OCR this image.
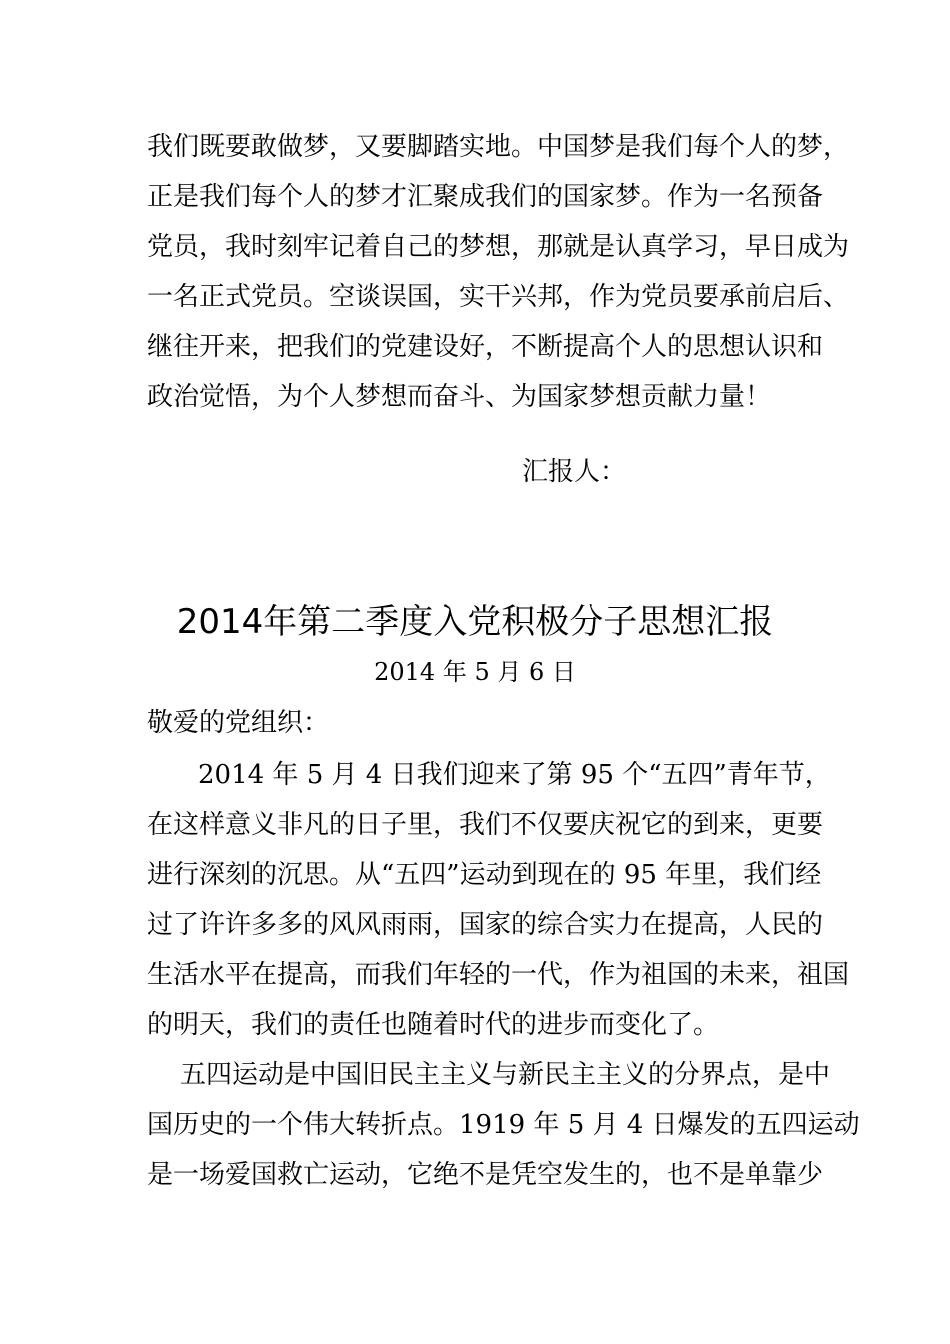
我们既要敢做梦，又要脚踏实地。中国梦是我们每个人的梦，
正是我们每个人的梦才汇聚成我们的国家梦。作为一名预备
党员，我时刻牢记着自己的梦想，那就是认真学习，早日成为
一名正式党员。空谈误国，实干兴邦，作为党员要承前启后、
继往开来，把我们的党建设好，不断提高个人的思想认识和
政治觉悟，为个人梦想而奋斗、为国家梦想贡献力量！
汇报人：
2014年第二季度入党积极分子思想汇报
2014 年 5 月 6 日
敬爱的党组织：
2014 年 5 月 4 日我们迎来了第 95 个“五四”青年节，
在这样意义非凡的日子里，我们不仅要庆祝它的到来，更要
进行深刻的沉思。从“五四”运动到现在的 95 年里，我们经
过了许许多多的风风雨雨，国家的综合实力在提高，人民的
生活水平在提高，而我们年轻的一代，作为祖国的未来，祖国
的明天，我们的责任也随着时代的进步而变化了。
五四运动是中国旧民主主义与新民主主义的分界点，是中
国历史的一个伟大转折点。1919 年 5 月 4 日爆发的五四运动
是一场爱国救亡运动，它绝不是凭空发生的，也不是单靠少
